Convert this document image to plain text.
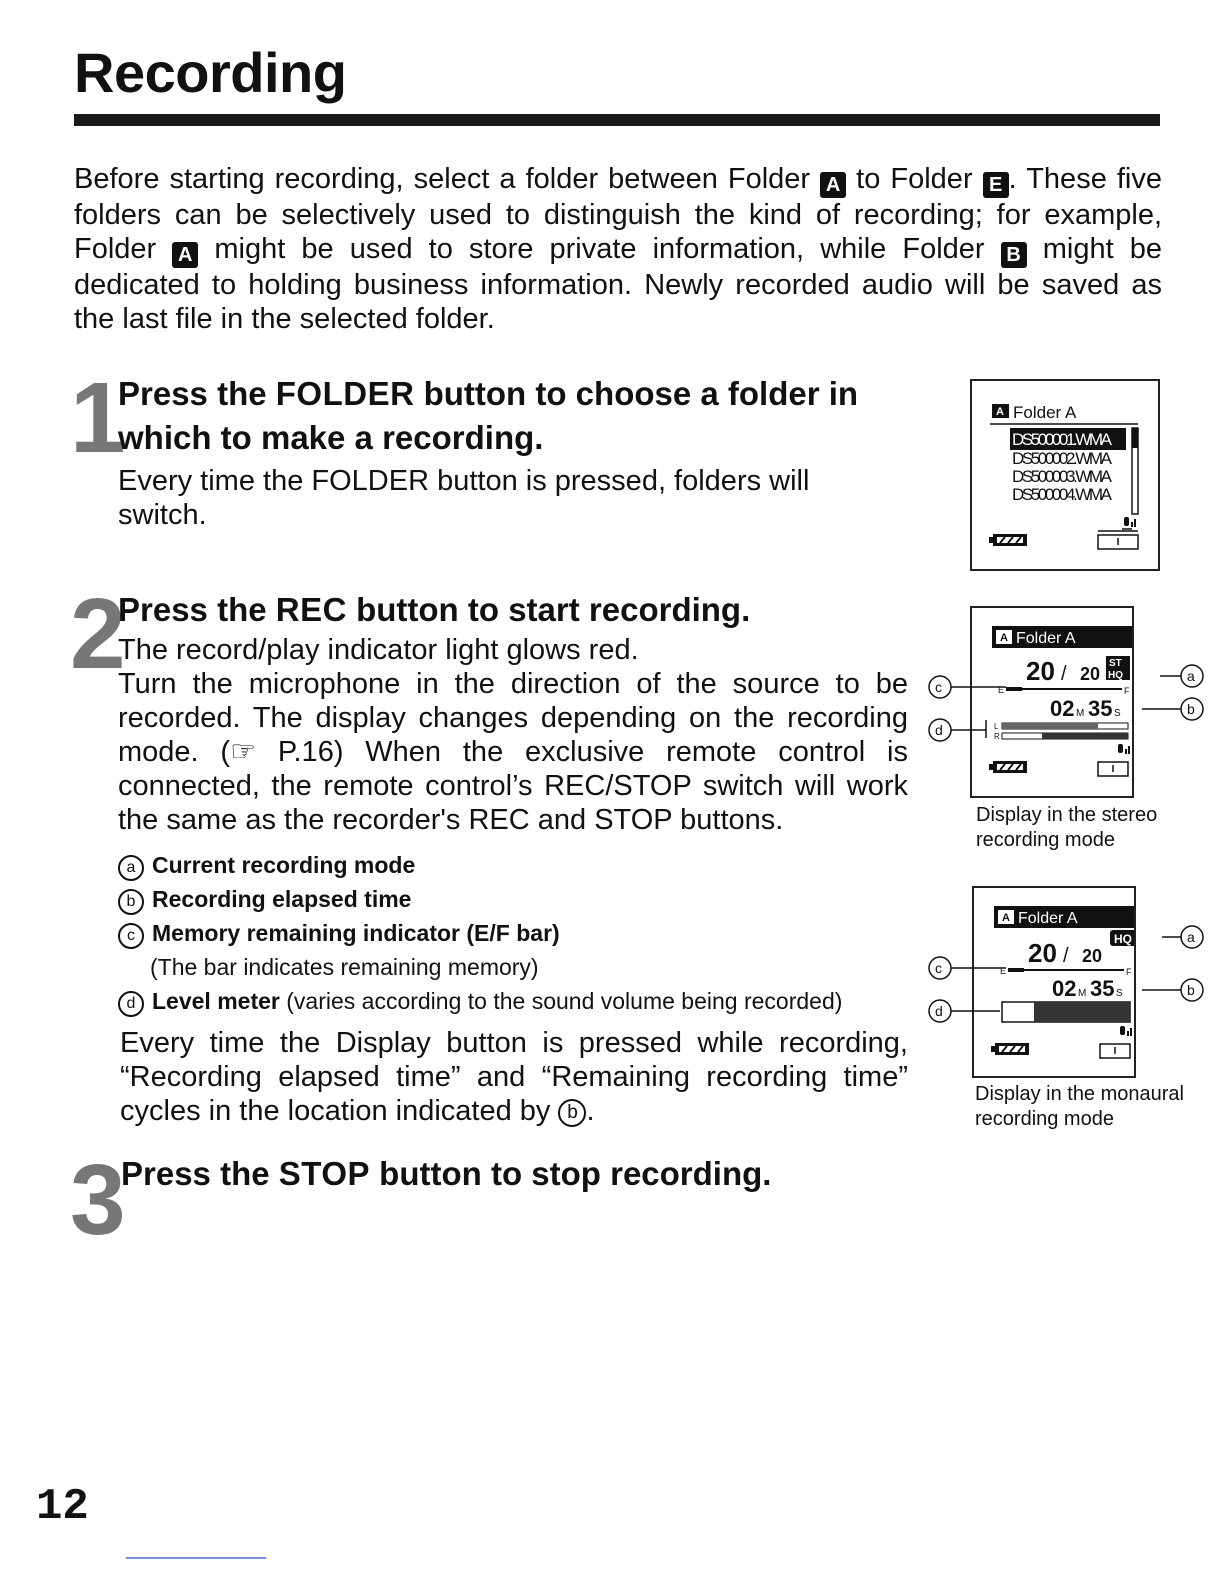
Recording

Before starting recording, select a folder between Folder A to Folder E . These five folders can be selectively used to distinguish the kind of recording; for example, Folder A might be used to store private information, while Folder B might be dedicated to holding business information. Newly recorded audio will be saved as the last file in the selected folder.

1
Press the FOLDER button to choose a folder in which to make a recording.

Every time the FOLDER button is pressed, folders will switch.

A Folder A
DS500001.WMA
DS500002.WMA
DS500003.WMA
DS500004.WMA
2
Press the REC button to start recording.

The record/play indicator light glows red.

Turn the microphone in the direction of the source to be recorded. The display changes depending on the recording mode. (☞ P.16) When the exclusive remote control is connected, the remote control’s REC/STOP switch will work the same as the recorder's REC and STOP buttons.

a Current recording mode
b Recording elapsed time
c Memory remaining indicator (E/F bar)
(The bar indicates remaining memory)
d Level meter (varies according to the sound volume being recorded)

Every time the Display button is pressed while recording, “Recording elapsed time” and “Remaining recording time” cycles in the location indicated by b .

A Folder A
20 / 20
ST
HQ
E	F
02 M 35 S
L
R
c
d
a
b
Display in the stereo recording mode
A Folder A
20 / 20
HQ
E	F
02 M 35 S
c
d
a
b
Display in the monaural recording mode
3
Press the STOP button to stop recording.
12
